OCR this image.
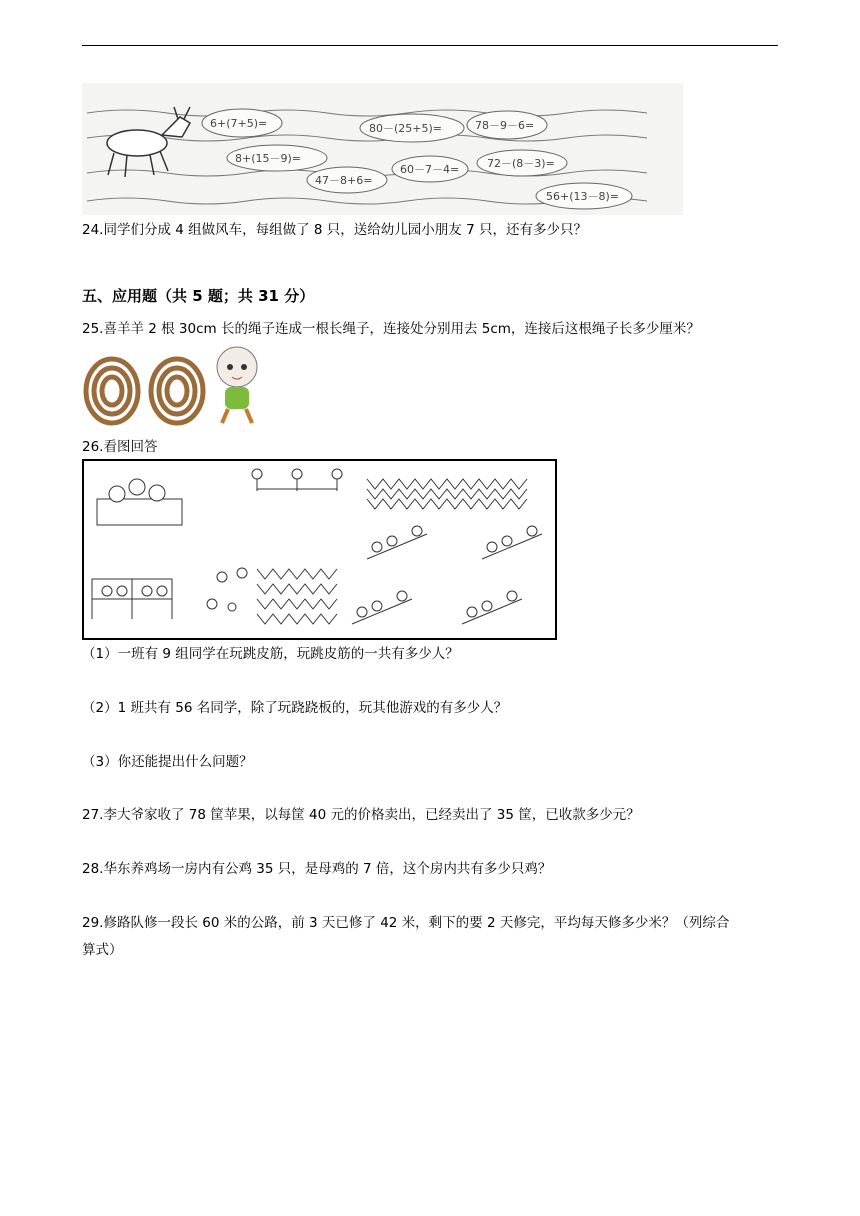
6+(7+5)=	80－(25+5)=	78－9－6=
8+(15－9)=
47－8+6=
60－7－4=	72－(8－3)=
56+(13－8)=
24.同学们分成 4 组做风车，每组做了 8 只，送给幼儿园小朋友 7 只，还有多少只？
五、应用题（共 5 题；共 31 分）
25.喜羊羊 2 根 30cm 长的绳子连成一根长绳子，连接处分别用去 5cm，连接后这根绳子长多少厘米？
26.看图回答
（1）一班有 9 组同学在玩跳皮筋，玩跳皮筋的一共有多少人？
（2）1 班共有 56 名同学，除了玩跷跷板的，玩其他游戏的有多少人？
（3）你还能提出什么问题？
27.李大爷家收了 78 筐苹果，以每筐 40 元的价格卖出，已经卖出了 35 筐，已收款多少元？
28.华东养鸡场一房内有公鸡 35 只，是母鸡的 7 倍，这个房内共有多少只鸡？
29.修路队修一段长 60 米的公路，前 3 天已修了 42 米，剩下的要 2 天修完，平均每天修多少米？（列综合
算式）
